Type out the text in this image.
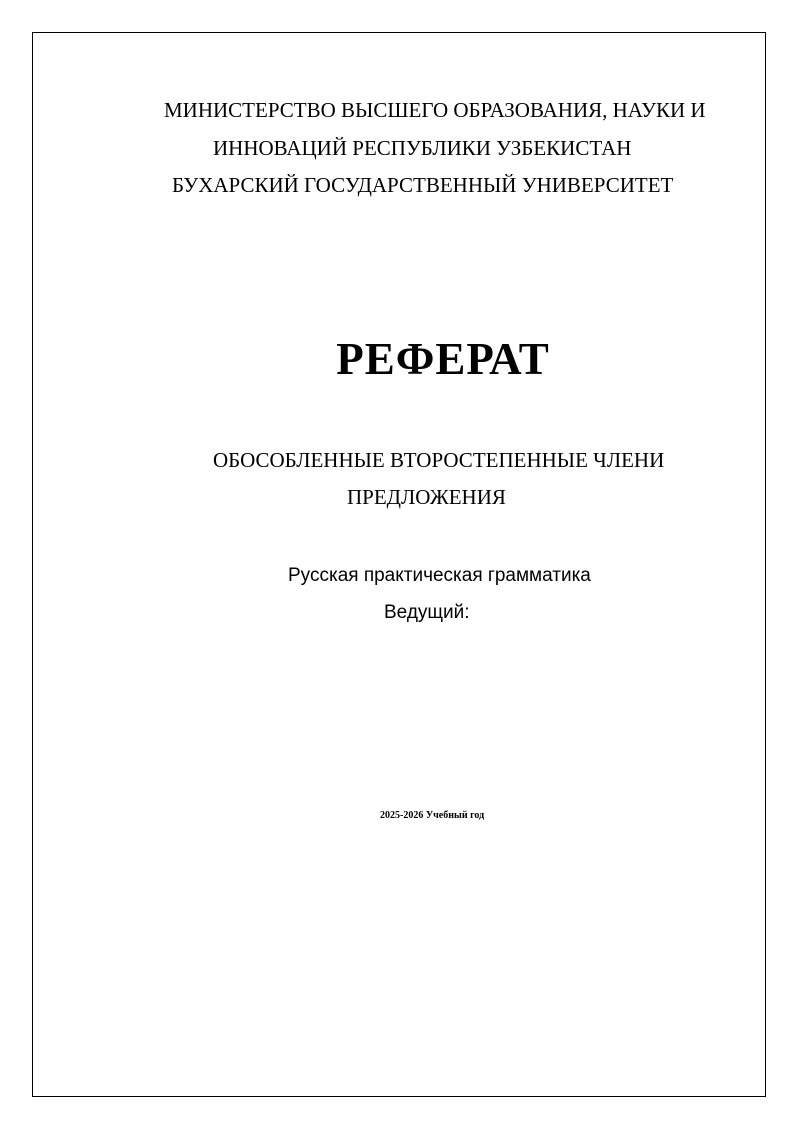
МИНИСТЕРСТВО ВЫСШЕГО ОБРАЗОВАНИЯ, НАУКИ И
ИННОВАЦИЙ РЕСПУБЛИКИ УЗБЕКИСТАН
БУХАРСКИЙ ГОСУДАРСТВЕННЫЙ УНИВЕРСИТЕТ
РЕФЕРАТ
ОБОСОБЛЕННЫЕ ВТОРОСТЕПЕННЫЕ ЧЛЕНИ
ПРЕДЛОЖЕНИЯ
Русская практическая грамматика
Ведущий:
2025-2026 Учебный год
